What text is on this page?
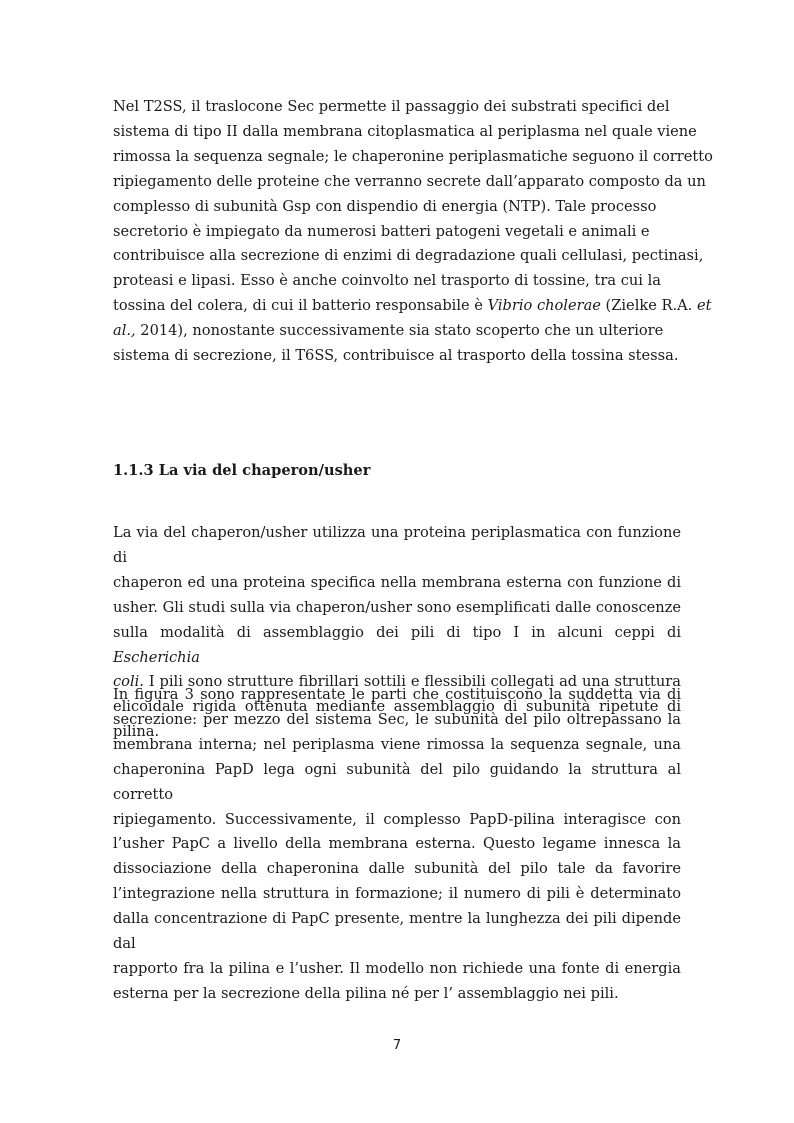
Nel T2SS, il traslocone Sec permette il passaggio dei substrati specifici del
sistema di tipo II dalla membrana citoplasmatica al periplasma nel quale viene
rimossa la sequenza segnale; le chaperonine periplasmatiche seguono il corretto
ripiegamento delle proteine che verranno secrete dall’apparato composto da un
complesso di subunità Gsp con dispendio di energia (NTP). Tale processo
secretorio è impiegato da numerosi batteri patogeni vegetali e animali e
contribuisce alla secrezione di enzimi di degradazione quali cellulasi, pectinasi,
proteasi e lipasi. Esso è anche coinvolto nel trasporto di tossine, tra cui la
tossina del colera, di cui il batterio responsabile è Vibrio cholerae (Zielke R.A. et
al., 2014), nonostante successivamente sia stato scoperto che un ulteriore
sistema di secrezione, il T6SS, contribuisce al trasporto della tossina stessa.
1.1.3 La via del chaperon/usher
La via del chaperon/usher utilizza una proteina periplasmatica con funzione di
chaperon ed una proteina specifica nella membrana esterna con funzione di
usher. Gli studi sulla via chaperon/usher sono esemplificati dalle conoscenze
sulla modalità di assemblaggio dei pili di tipo I in alcuni ceppi di Escherichia
coli. I pili sono strutture fibrillari sottili e flessibili collegati ad una struttura
elicoidale rigida ottenuta mediante assemblaggio di subunità ripetute di pilina.
In figura 3 sono rappresentate le parti che costituiscono la suddetta via di
secrezione: per mezzo del sistema Sec, le subunità del pilo oltrepassano la
membrana interna; nel periplasma viene rimossa la sequenza segnale, una
chaperonina PapD lega ogni subunità del pilo guidando la struttura al corretto
ripiegamento. Successivamente, il complesso PapD-pilina interagisce con
l’usher PapC a livello della membrana esterna. Questo legame innesca la
dissociazione della chaperonina dalle subunità del pilo tale da favorire
l’integrazione nella struttura in formazione; il numero di pili è determinato
dalla concentrazione di PapC presente, mentre la lunghezza dei pili dipende dal
rapporto fra la pilina e l’usher. Il modello non richiede una fonte di energia
esterna per la secrezione della pilina né per l’ assemblaggio nei pili.
7
